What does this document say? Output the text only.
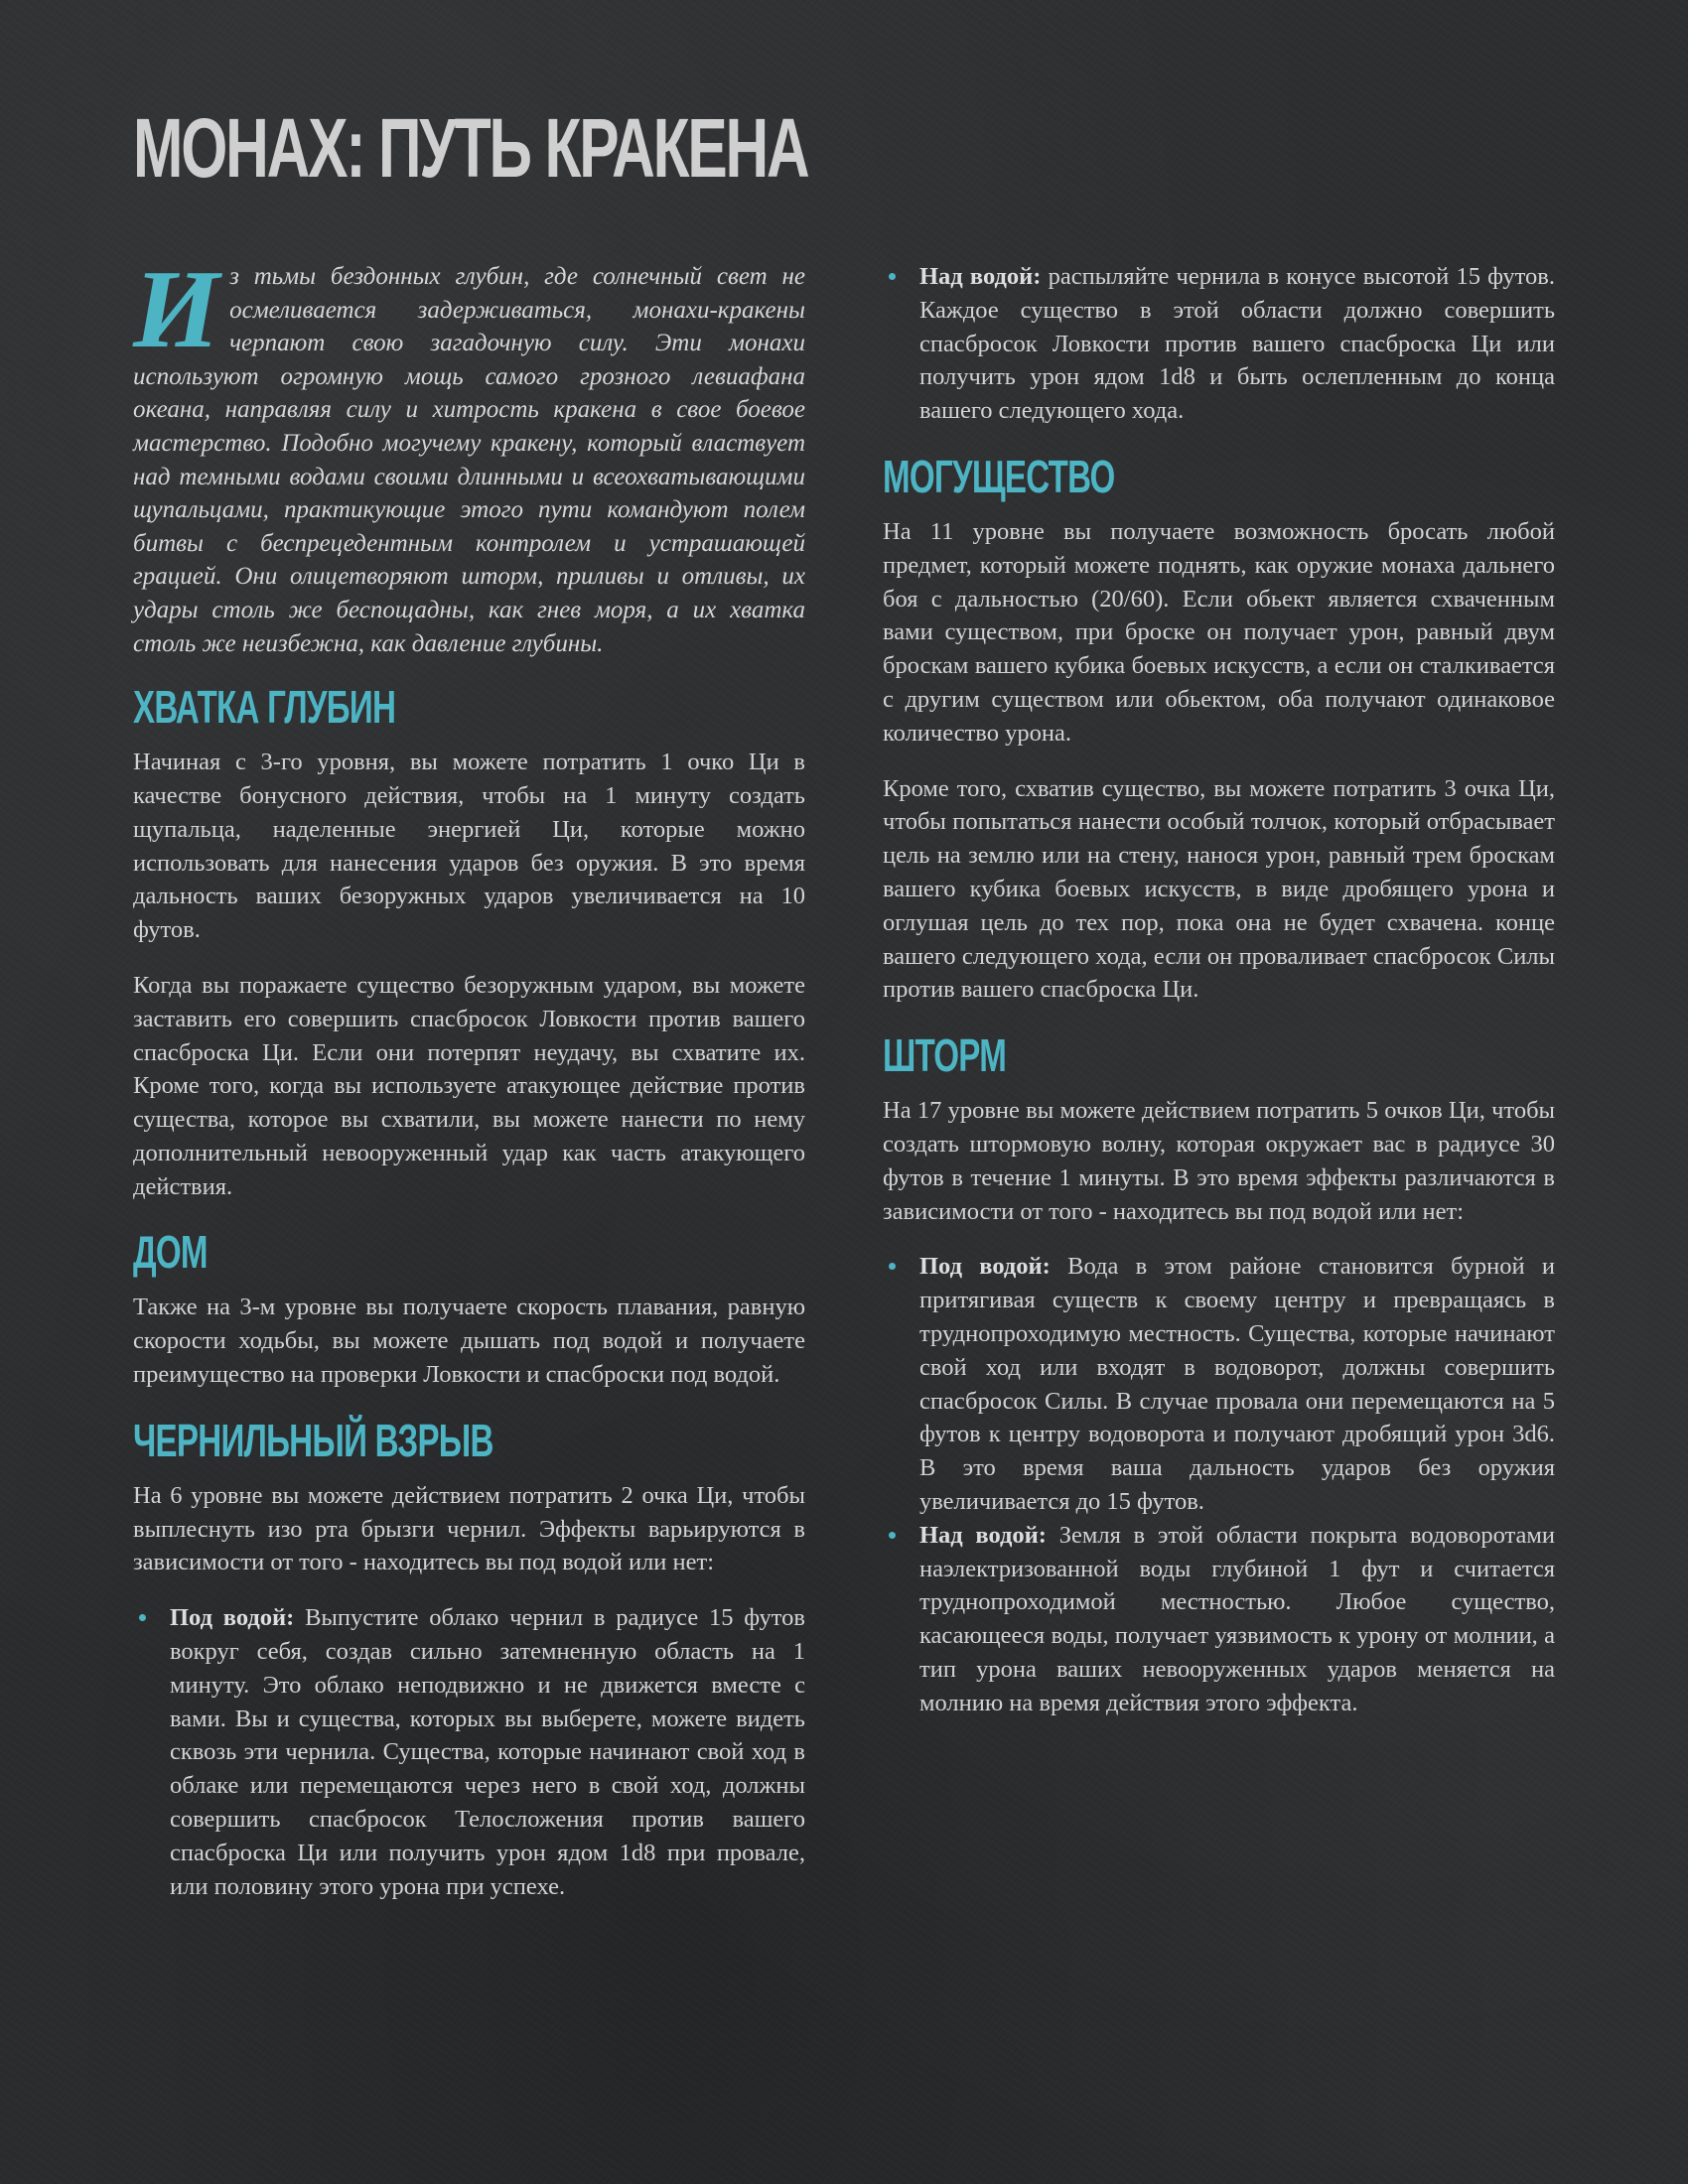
МОНАХ: ПУТЬ КРАКЕНА

Из тьмы бездонных глубин, где солнечный свет не осмеливается задерживаться, монахи-кракены черпают свою загадочную силу. Эти монахи используют огромную мощь самого грозного левиафана океана, направляя силу и хитрость кракена в свое боевое мастерство. Подобно могучему кракену, который властвует над темными водами своими длинными и всеохватывающими щупальцами, практикующие этого пути командуют полем битвы с беспрецедентным контролем и устрашающей грацией. Они олицетворяют шторм, приливы и отливы, их удары столь же беспощадны, как гнев моря, а их хватка столь же неизбежна, как давление глубины.

ХВАТКА ГЛУБИН

Начиная с 3-го уровня, вы можете потратить 1 очко Ци в качестве бонусного действия, чтобы на 1 минуту создать щупальца, наделенные энергией Ци, которые можно использовать для нанесения ударов без оружия. В это время дальность ваших безоружных ударов увеличивается на 10 футов.

Когда вы поражаете существо безоружным ударом, вы можете заставить его совершить спасбросок Ловкости против вашего спасброска Ци. Если они потерпят неудачу, вы схватите их. Кроме того, когда вы используете атакующее действие против существа, которое вы схватили, вы можете нанести по нему дополнительный невооруженный удар как часть атакующего действия.

ДОМ

Также на 3-м уровне вы получаете скорость плавания, равную скорости ходьбы, вы можете дышать под водой и получаете преимущество на проверки Ловкости и спасброски под водой.

ЧЕРНИЛЬНЫЙ ВЗРЫВ

На 6 уровне вы можете действием потратить 2 очка Ци, чтобы выплеснуть изо рта брызги чернил. Эффекты варьируются в зависимости от того - находитесь вы под водой или нет:

Под водой: Выпустите облако чернил в радиусе 15 футов вокруг себя, создав сильно затемненную область на 1 минуту. Это облако неподвижно и не движется вместе с вами. Вы и существа, которых вы выберете, можете видеть сквозь эти чернила. Существа, которые начинают свой ход в облаке или перемещаются через него в свой ход, должны совершить спасбросок Телосложения против вашего спасброска Ци или получить урон ядом 1d8 при провале, или половину этого урона при успехе.
Над водой: распыляйте чернила в конусе высотой 15 футов. Каждое существо в этой области должно совершить спасбросок Ловкости против вашего спасброска Ци или получить урон ядом 1d8 и быть ослепленным до конца вашего следующего хода.
МОГУЩЕСТВО

На 11 уровне вы получаете возможность бросать любой предмет, который можете поднять, как оружие монаха дальнего боя с дальностью (20/60). Если обьект является схваченным вами существом, при броске он получает урон, равный двум броскам вашего кубика боевых искусств, а если он сталкивается с другим существом или обьектом, оба получают одинаковое количество урона.

Кроме того, схватив существо, вы можете потратить 3 очка Ци, чтобы попытаться нанести особый толчок, который отбрасывает цель на землю или на стену, нанося урон, равный трем броскам вашего кубика боевых искусств, в виде дробящего урона и оглушая цель до тех пор, пока она не будет схвачена. конце вашего следующего хода, если он проваливает спасбросок Силы против вашего спасброска Ци.

ШТОРМ

На 17 уровне вы можете действием потратить 5 очков Ци, чтобы создать штормовую волну, которая окружает вас в радиусе 30 футов в течение 1 минуты. В это время эффекты различаются в зависимости от того - находитесь вы под водой или нет:

Под водой: Вода в этом районе становится бурной и притягивая существ к своему центру и превращаясь в труднопроходимую местность. Существа, которые начинают свой ход или входят в водоворот, должны совершить спасбросок Силы. В случае провала они перемещаются на 5 футов к центру водоворота и получают дробящий урон 3d6. В это время ваша дальность ударов без оружия увеличивается до 15 футов.
Над водой: Земля в этой области покрыта водоворотами наэлектризованной воды глубиной 1 фут и считается труднопроходимой местностью. Любое существо, касающееся воды, получает уязвимость к урону от молнии, а тип урона ваших невооруженных ударов меняется на молнию на время действия этого эффекта.
